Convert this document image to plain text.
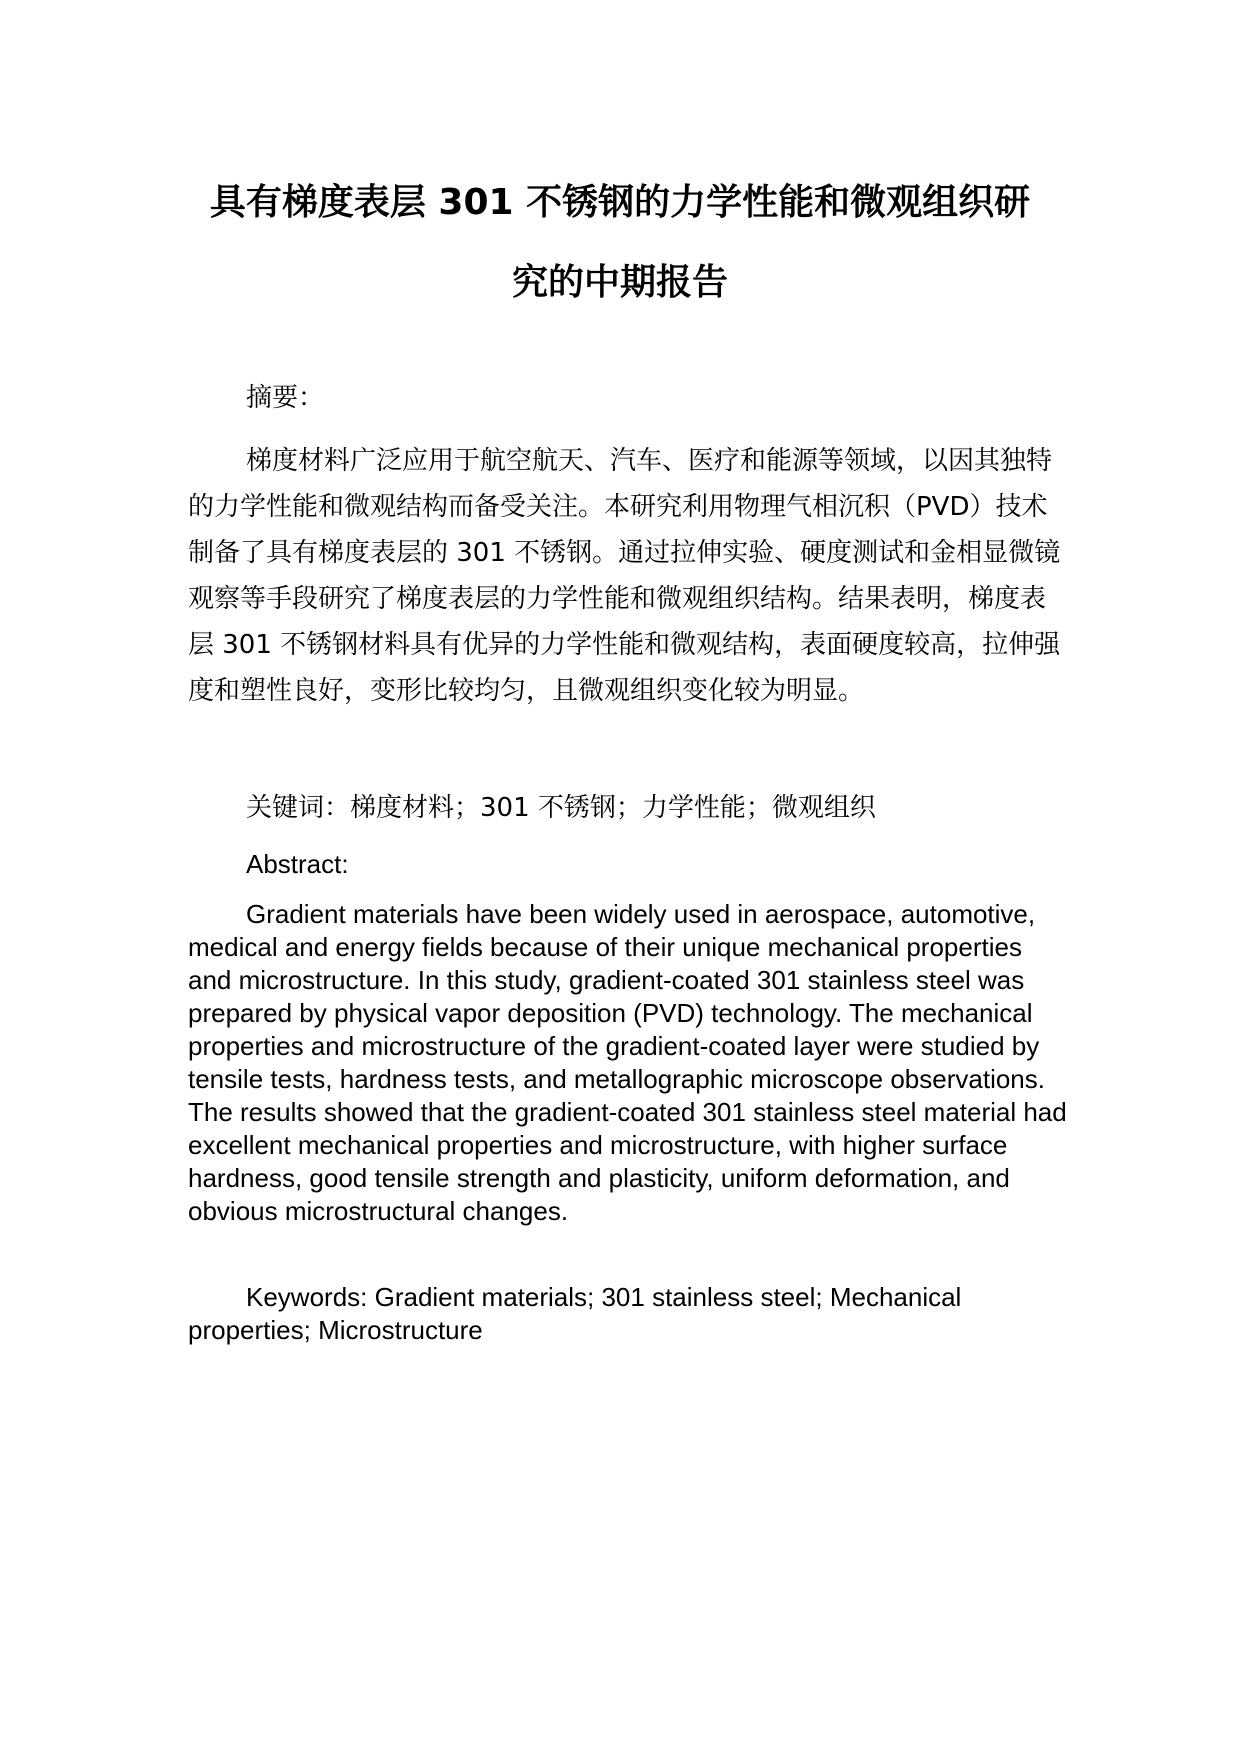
具有梯度表层 301 不锈钢的力学性能和微观组织研
究的中期报告

摘要：

梯度材料广泛应用于航空航天、汽车、医疗和能源等领域，以因其独特的力学性能和微观结构而备受关注。本研究利用物理气相沉积（PVD）技术制备了具有梯度表层的 301 不锈钢。通过拉伸实验、硬度测试和金相显微镜观察等手段研究了梯度表层的力学性能和微观组织结构。结果表明，梯度表层 301 不锈钢材料具有优异的力学性能和微观结构，表面硬度较高，拉伸强度和塑性良好，变形比较均匀，且微观组织变化较为明显。

关键词：梯度材料；301 不锈钢；力学性能；微观组织

Abstract:

Gradient materials have been widely used in aerospace, automotive, medical and energy fields because of their unique mechanical properties and microstructure. In this study, gradient-coated 301 stainless steel was prepared by physical vapor deposition (PVD) technology. The mechanical properties and microstructure of the gradient-coated layer were studied by tensile tests, hardness tests, and metallographic microscope observations. The results showed that the gradient-coated 301 stainless steel material had excellent mechanical properties and microstructure, with higher surface hardness, good tensile strength and plasticity, uniform deformation, and obvious microstructural changes.

Keywords: Gradient materials; 301 stainless steel; Mechanical properties; Microstructure
